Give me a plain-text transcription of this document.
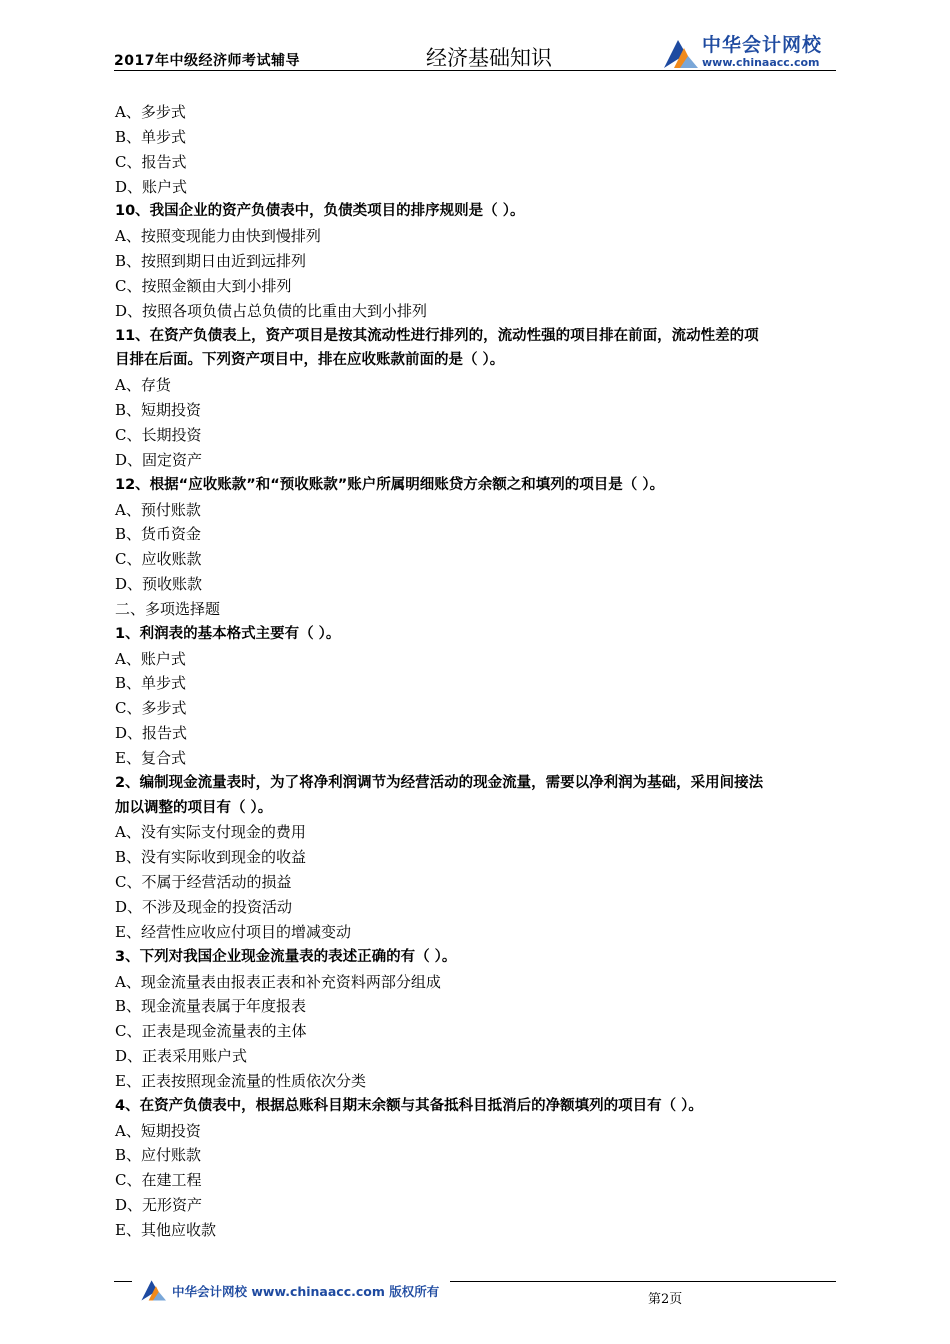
2017年中级经济师考试辅导	经济基础知识
中华会计网校
www.chinaacc.com
A、多步式
B、单步式
C、报告式
D、账户式
10、我国企业的资产负债表中，负债类项目的排序规则是（ ）。
A、按照变现能力由快到慢排列
B、按照到期日由近到远排列
C、按照金额由大到小排列
D、按照各项负债占总负债的比重由大到小排列
11、在资产负债表上，资产项目是按其流动性进行排列的，流动性强的项目排在前面，流动性差的项
目排在后面。下列资产项目中，排在应收账款前面的是（ ）。
A、存货
B、短期投资
C、长期投资
D、固定资产
12、根据“应收账款”和“预收账款”账户所属明细账贷方余额之和填列的项目是（ ）。
A、预付账款
B、货币资金
C、应收账款
D、预收账款
二、多项选择题
1、利润表的基本格式主要有（ ）。
A、账户式
B、单步式
C、多步式
D、报告式
E、复合式
2、编制现金流量表时，为了将净利润调节为经营活动的现金流量，需要以净利润为基础，采用间接法
加以调整的项目有（ ）。
A、没有实际支付现金的费用
B、没有实际收到现金的收益
C、不属于经营活动的损益
D、不涉及现金的投资活动
E、经营性应收应付项目的增减变动
3、下列对我国企业现金流量表的表述正确的有（ ）。
A、现金流量表由报表正表和补充资料两部分组成
B、现金流量表属于年度报表
C、正表是现金流量表的主体
D、正表采用账户式
E、正表按照现金流量的性质依次分类
4、在资产负债表中，根据总账科目期末余额与其备抵科目抵消后的净额填列的项目有（ ）。
A、短期投资
B、应付账款
C、在建工程
D、无形资产
E、其他应收款
中华会计网校 www.chinaacc.com 版权所有
第2页
